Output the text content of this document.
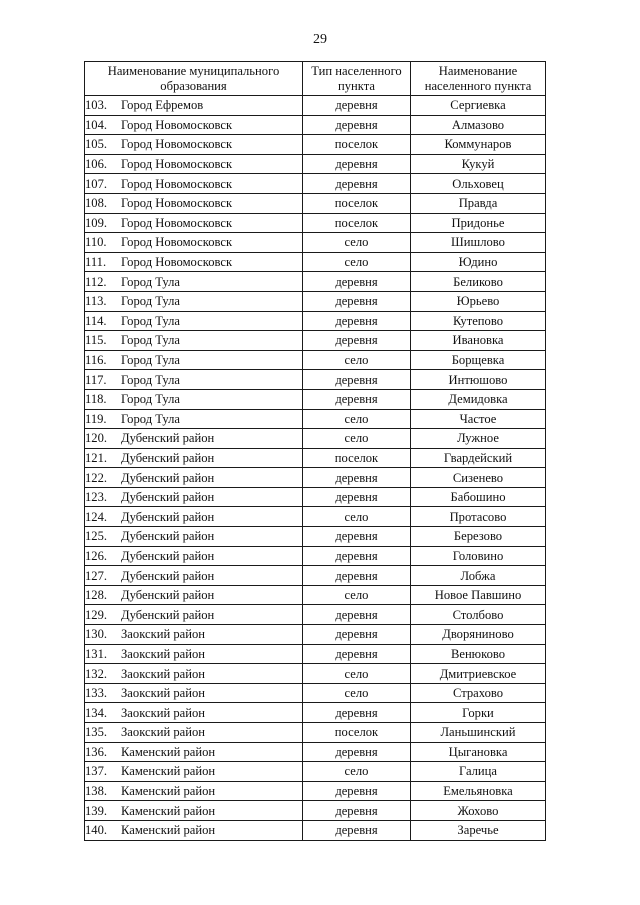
29
Наименование муниципального образования	Тип населенного пункта	Наименование населенного пункта
103. Город Ефремов	деревня	Сергиевка
104. Город Новомосковск	деревня	Алмазово
105. Город Новомосковск	поселок	Коммунаров
106. Город Новомосковск	деревня	Кукуй
107. Город Новомосковск	деревня	Ольховец
108. Город Новомосковск	поселок	Правда
109. Город Новомосковск	поселок	Придонье
110. Город Новомосковск	село	Шишлово
111. Город Новомосковск	село	Юдино
112. Город Тула	деревня	Беликово
113. Город Тула	деревня	Юрьево
114. Город Тула	деревня	Кутепово
115. Город Тула	деревня	Ивановка
116. Город Тула	село	Борщевка
117. Город Тула	деревня	Интюшово
118. Город Тула	деревня	Демидовка
119. Город Тула	село	Частое
120. Дубенский район	село	Лужное
121. Дубенский район	поселок	Гвардейский
122. Дубенский район	деревня	Сизенево
123. Дубенский район	деревня	Бабошино
124. Дубенский район	село	Протасово
125. Дубенский район	деревня	Березово
126. Дубенский район	деревня	Головино
127. Дубенский район	деревня	Лобжа
128. Дубенский район	село	Новое Павшино
129. Дубенский район	деревня	Столбово
130. Заокский район	деревня	Дворяниново
131. Заокский район	деревня	Венюково
132. Заокский район	село	Дмитриевское
133. Заокский район	село	Страхово
134. Заокский район	деревня	Горки
135. Заокский район	поселок	Ланьшинский
136. Каменский район	деревня	Цыгановка
137. Каменский район	село	Галица
138. Каменский район	деревня	Емельяновка
139. Каменский район	деревня	Жохово
140. Каменский район	деревня	Заречье
